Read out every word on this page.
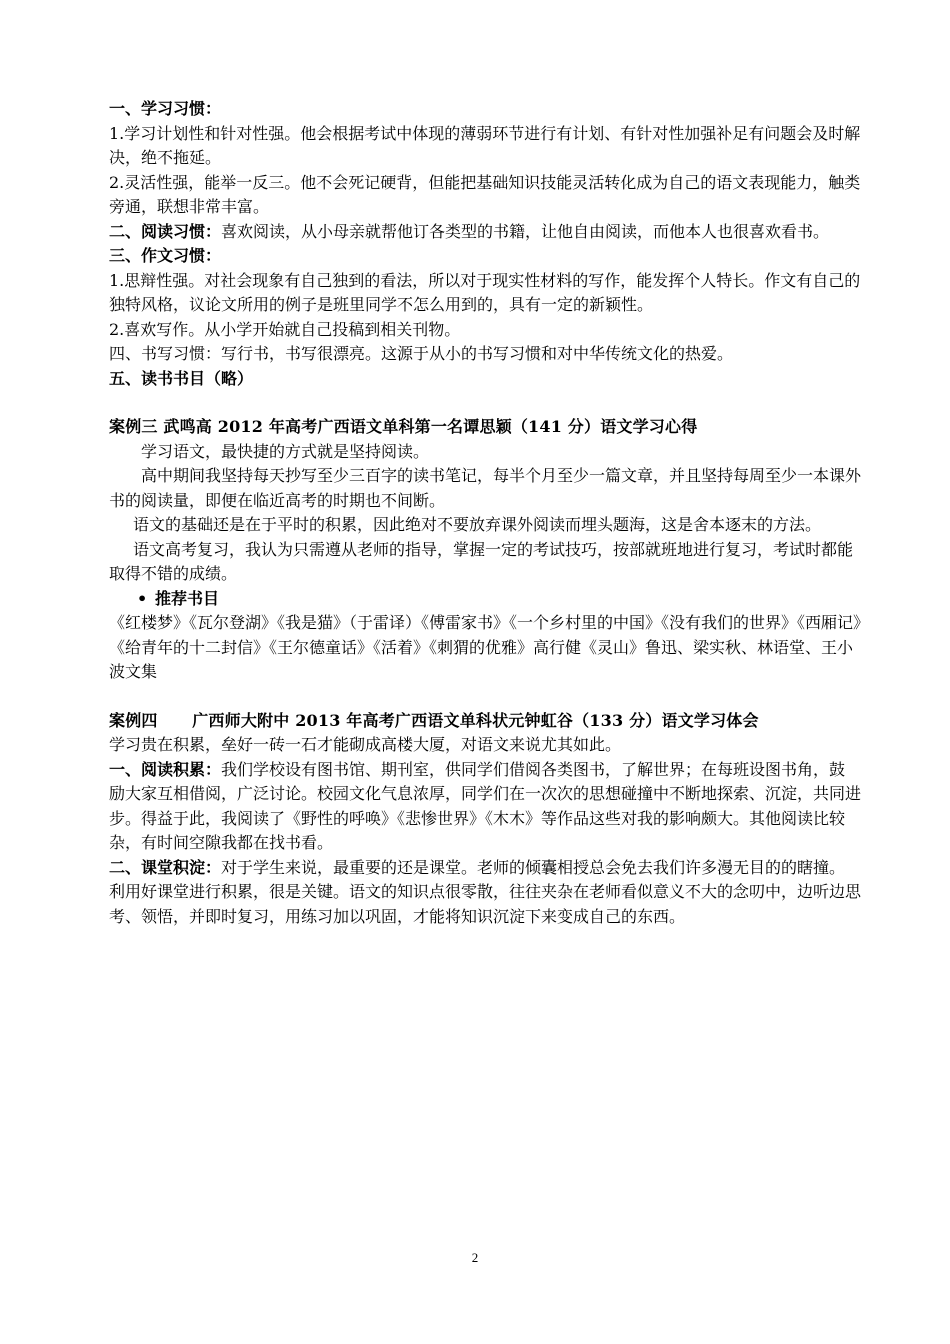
一、学习习惯：

1.学习计划性和针对性强。他会根据考试中体现的薄弱环节进行有计划、有针对性加强补足有问题会及时解决，绝不拖延。

2.灵活性强，能举一反三。他不会死记硬背，但能把基础知识技能灵活转化成为自己的语文表现能力，触类旁通，联想非常丰富。

二、阅读习惯：喜欢阅读，从小母亲就帮他订各类型的书籍，让他自由阅读，而他本人也很喜欢看书。

三、作文习惯：

1.思辩性强。对社会现象有自己独到的看法，所以对于现实性材料的写作，能发挥个人特长。作文有自己的独特风格，议论文所用的例子是班里同学不怎么用到的，具有一定的新颖性。

2.喜欢写作。从小学开始就自己投稿到相关刊物。

四、书写习惯：写行书，书写很漂亮。这源于从小的书写习惯和对中华传统文化的热爱。

五、读书书目（略）

案例三 武鸣高 2012 年高考广西语文单科第一名谭思颖（141 分）语文学习心得

学习语文，最快捷的方式就是坚持阅读。

高中期间我坚持每天抄写至少三百字的读书笔记，每半个月至少一篇文章，并且坚持每周至少一本课外书的阅读量，即便在临近高考的时期也不间断。

语文的基础还是在于平时的积累，因此绝对不要放弃课外阅读而埋头题海，这是舍本逐末的方法。

语文高考复习，我认为只需遵从老师的指导，掌握一定的考试技巧，按部就班地进行复习，考试时都能取得不错的成绩。

• 推荐书目

《红楼梦》《瓦尔登湖》《我是猫》（于雷译）《傅雷家书》《一个乡村里的中国》《没有我们的世界》《西厢记》《给青年的十二封信》《王尔德童话》《活着》《刺猬的优雅》高行健《灵山》鲁迅、梁实秋、林语堂、王小波文集

案例四      广西师大附中 2013 年高考广西语文单科状元钟虹谷（133 分）语文学习体会

学习贵在积累，垒好一砖一石才能砌成高楼大厦，对语文来说尤其如此。

一、阅读积累：我们学校设有图书馆、期刊室，供同学们借阅各类图书，了解世界；在每班设图书角，鼓励大家互相借阅，广泛讨论。校园文化气息浓厚，同学们在一次次的思想碰撞中不断地探索、沉淀，共同进步。得益于此，我阅读了《野性的呼唤》《悲惨世界》《木木》等作品这些对我的影响颇大。其他阅读比较杂，有时间空隙我都在找书看。

二、课堂积淀：对于学生来说，最重要的还是课堂。老师的倾囊相授总会免去我们许多漫无目的的瞎撞。利用好课堂进行积累，很是关键。语文的知识点很零散，往往夹杂在老师看似意义不大的念叨中，边听边思考、领悟，并即时复习，用练习加以巩固，才能将知识沉淀下来变成自己的东西。

2
